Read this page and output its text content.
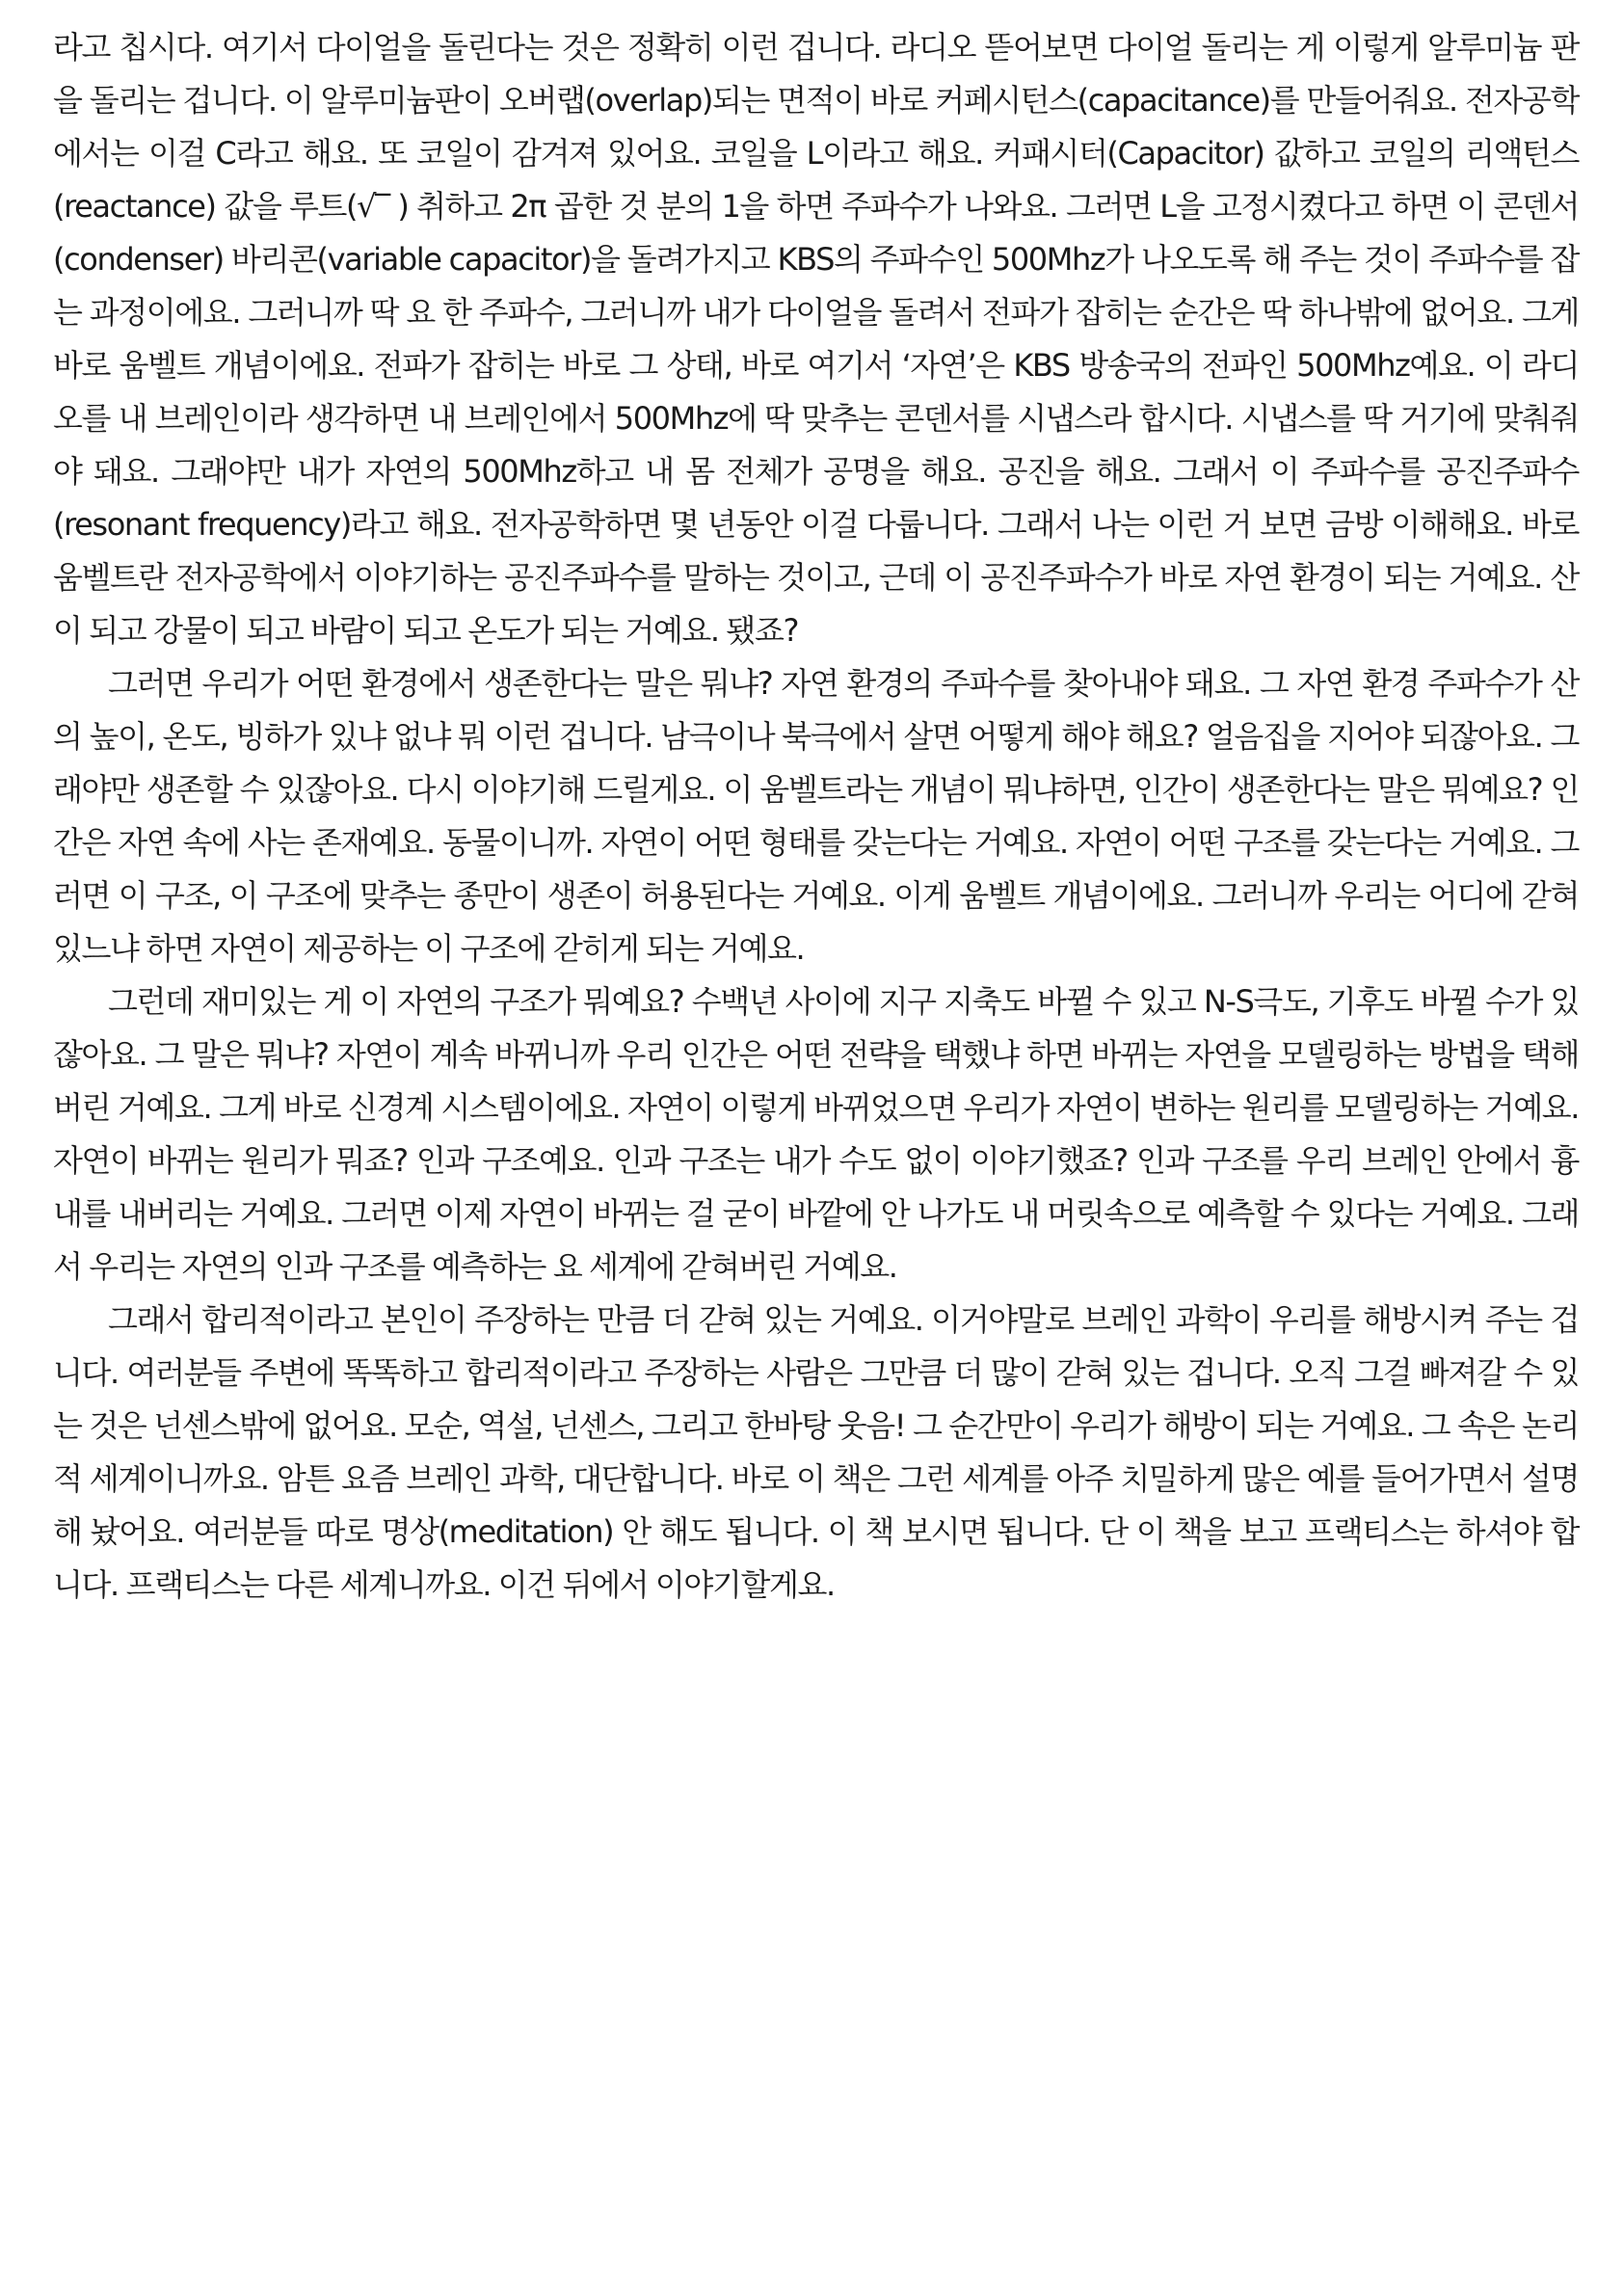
라고 칩시다. 여기서 다이얼을 돌린다는 것은 정확히 이런 겁니다. 라디오 뜯어보면 다이얼 돌리는 게 이렇게 알루미늄 판을 돌리는 겁니다. 이 알루미늄판이 오버랩(overlap)되는 면적이 바로 커페시턴스(capacitance)를 만들어줘요. 전자공학에서는 이걸 C라고 해요. 또 코일이 감겨져 있어요. 코일을 L이라고 해요. 커패시터(Capacitor) 값하고 코일의 리액턴스(reactance) 값을 루트(√‾ ) 취하고 2π 곱한 것 분의 1을 하면 주파수가 나와요. 그러면 L을 고정시켰다고 하면 이 콘덴서(condenser) 바리콘(variable capacitor)을 돌려가지고 KBS의 주파수인 500Mhz가 나오도록 해 주는 것이 주파수를 잡는 과정이에요. 그러니까 딱 요 한 주파수, 그러니까 내가 다이얼을 돌려서 전파가 잡히는 순간은 딱 하나밖에 없어요. 그게 바로 움벨트 개념이에요. 전파가 잡히는 바로 그 상태, 바로 여기서 ‘자연’은 KBS 방송국의 전파인 500Mhz예요. 이 라디오를 내 브레인이라 생각하면 내 브레인에서 500Mhz에 딱 맞추는 콘덴서를 시냅스라 합시다. 시냅스를 딱 거기에 맞춰줘야 돼요. 그래야만 내가 자연의 500Mhz하고 내 몸 전체가 공명을 해요. 공진을 해요. 그래서 이 주파수를 공진주파수(resonant frequency)라고 해요. 전자공학하면 몇 년동안 이걸 다룹니다. 그래서 나는 이런 거 보면 금방 이해해요. 바로 움벨트란 전자공학에서 이야기하는 공진주파수를 말하는 것이고, 근데 이 공진주파수가 바로 자연 환경이 되는 거예요. 산이 되고 강물이 되고 바람이 되고 온도가 되는 거예요. 됐죠?

그러면 우리가 어떤 환경에서 생존한다는 말은 뭐냐? 자연 환경의 주파수를 찾아내야 돼요. 그 자연 환경 주파수가 산의 높이, 온도, 빙하가 있냐 없냐 뭐 이런 겁니다. 남극이나 북극에서 살면 어떻게 해야 해요? 얼음집을 지어야 되잖아요. 그래야만 생존할 수 있잖아요. 다시 이야기해 드릴게요. 이 움벨트라는 개념이 뭐냐하면, 인간이 생존한다는 말은 뭐예요? 인간은 자연 속에 사는 존재예요. 동물이니까. 자연이 어떤 형태를 갖는다는 거예요. 자연이 어떤 구조를 갖는다는 거예요. 그러면 이 구조, 이 구조에 맞추는 종만이 생존이 허용된다는 거예요. 이게 움벨트 개념이에요. 그러니까 우리는 어디에 갇혀 있느냐 하면 자연이 제공하는 이 구조에 갇히게 되는 거예요.

그런데 재미있는 게 이 자연의 구조가 뭐예요? 수백년 사이에 지구 지축도 바뀔 수 있고 N-S극도, 기후도 바뀔 수가 있잖아요. 그 말은 뭐냐? 자연이 계속 바뀌니까 우리 인간은 어떤 전략을 택했냐 하면 바뀌는 자연을 모델링하는 방법을 택해버린 거예요. 그게 바로 신경계 시스템이에요. 자연이 이렇게 바뀌었으면 우리가 자연이 변하는 원리를 모델링하는 거예요. 자연이 바뀌는 원리가 뭐죠? 인과 구조예요. 인과 구조는 내가 수도 없이 이야기했죠? 인과 구조를 우리 브레인 안에서 흉내를 내버리는 거예요. 그러면 이제 자연이 바뀌는 걸 굳이 바깥에 안 나가도 내 머릿속으로 예측할 수 있다는 거예요. 그래서 우리는 자연의 인과 구조를 예측하는 요 세계에 갇혀버린 거예요.

그래서 합리적이라고 본인이 주장하는 만큼 더 갇혀 있는 거예요. 이거야말로 브레인 과학이 우리를 해방시켜 주는 겁니다. 여러분들 주변에 똑똑하고 합리적이라고 주장하는 사람은 그만큼 더 많이 갇혀 있는 겁니다. 오직 그걸 빠져갈 수 있는 것은 넌센스밖에 없어요. 모순, 역설, 넌센스, 그리고 한바탕 웃음! 그 순간만이 우리가 해방이 되는 거예요. 그 속은 논리적 세계이니까요. 암튼 요즘 브레인 과학, 대단합니다. 바로 이 책은 그런 세계를 아주 치밀하게 많은 예를 들어가면서 설명해 놨어요. 여러분들 따로 명상(meditation) 안 해도 됩니다. 이 책 보시면 됩니다. 단 이 책을 보고 프랙티스는 하셔야 합니다. 프랙티스는 다른 세계니까요. 이건 뒤에서 이야기할게요.
